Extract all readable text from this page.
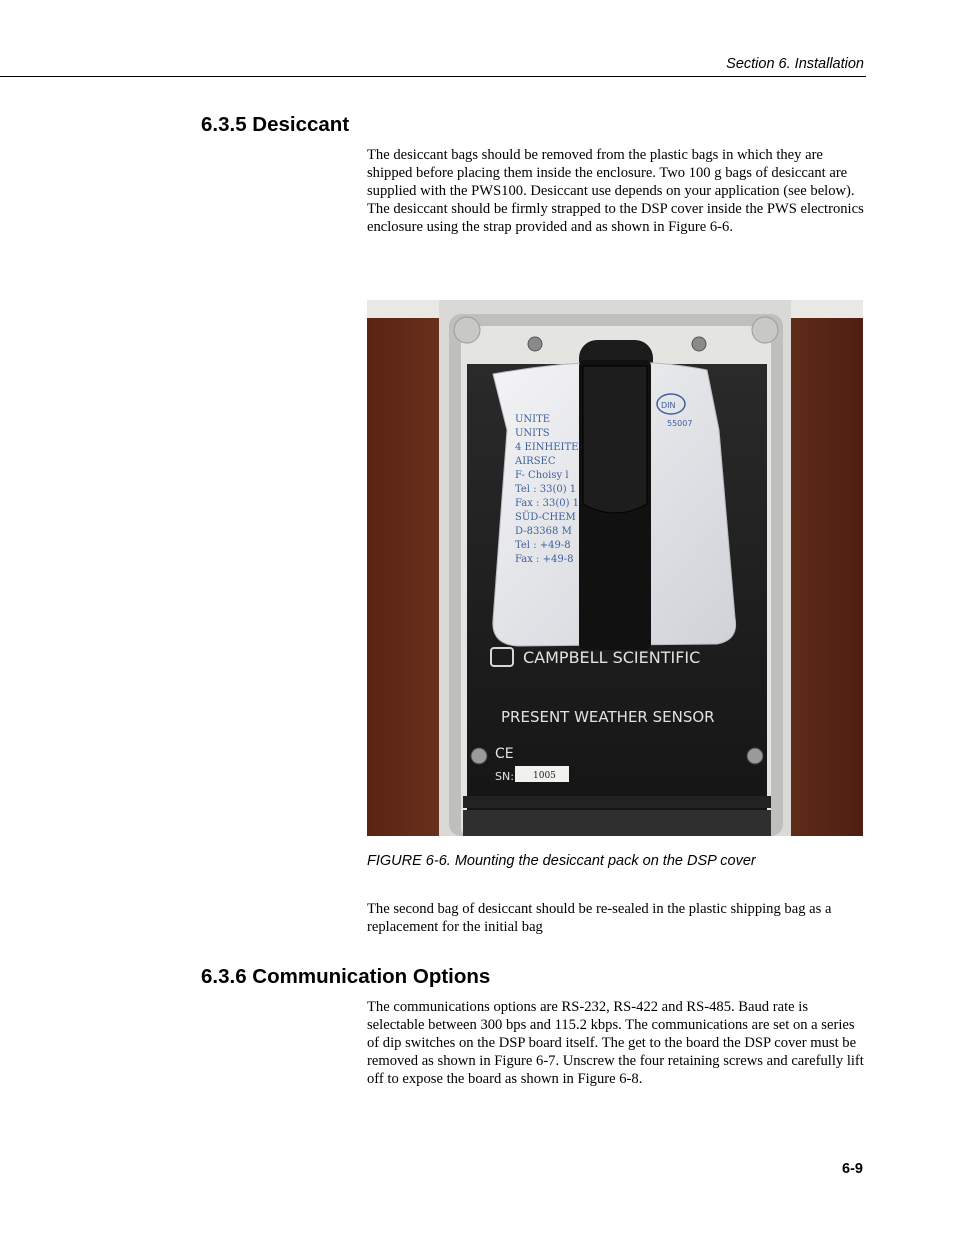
Section 6. Installation
6.3.5 Desiccant

The desiccant bags should be removed from the plastic bags in which they are shipped before placing them inside the enclosure. Two 100 g bags of desiccant are supplied with the PWS100. Desiccant use depends on your application (see below). The desiccant should be firmly strapped to the DSP cover inside the PWS electronics enclosure using the strap provided and as shown in Figure 6-6.

UNITE
UNITS
4 EINHEITE
AIRSEC
F- Choisy l
Tel : 33(0) 1
Fax : 33(0) 1
SÜD-CHEM
D-83368 M
Tel : +49-8
Fax : +49-8
DIN
55007
CAMPBELL SCIENTIFIC
PRESENT WEATHER SENSOR
CE
SN: 1005
FIGURE 6-6. Mounting the desiccant pack on the DSP cover

The second bag of desiccant should be re-sealed in the plastic shipping bag as a replacement for the initial bag

6.3.6 Communication Options

The communications options are RS-232, RS-422 and RS-485. Baud rate is selectable between 300 bps and 115.2 kbps. The communications are set on a series of dip switches on the DSP board itself. The get to the board the DSP cover must be removed as shown in Figure 6-7. Unscrew the four retaining screws and carefully lift off to expose the board as shown in Figure 6-8.

6-9
